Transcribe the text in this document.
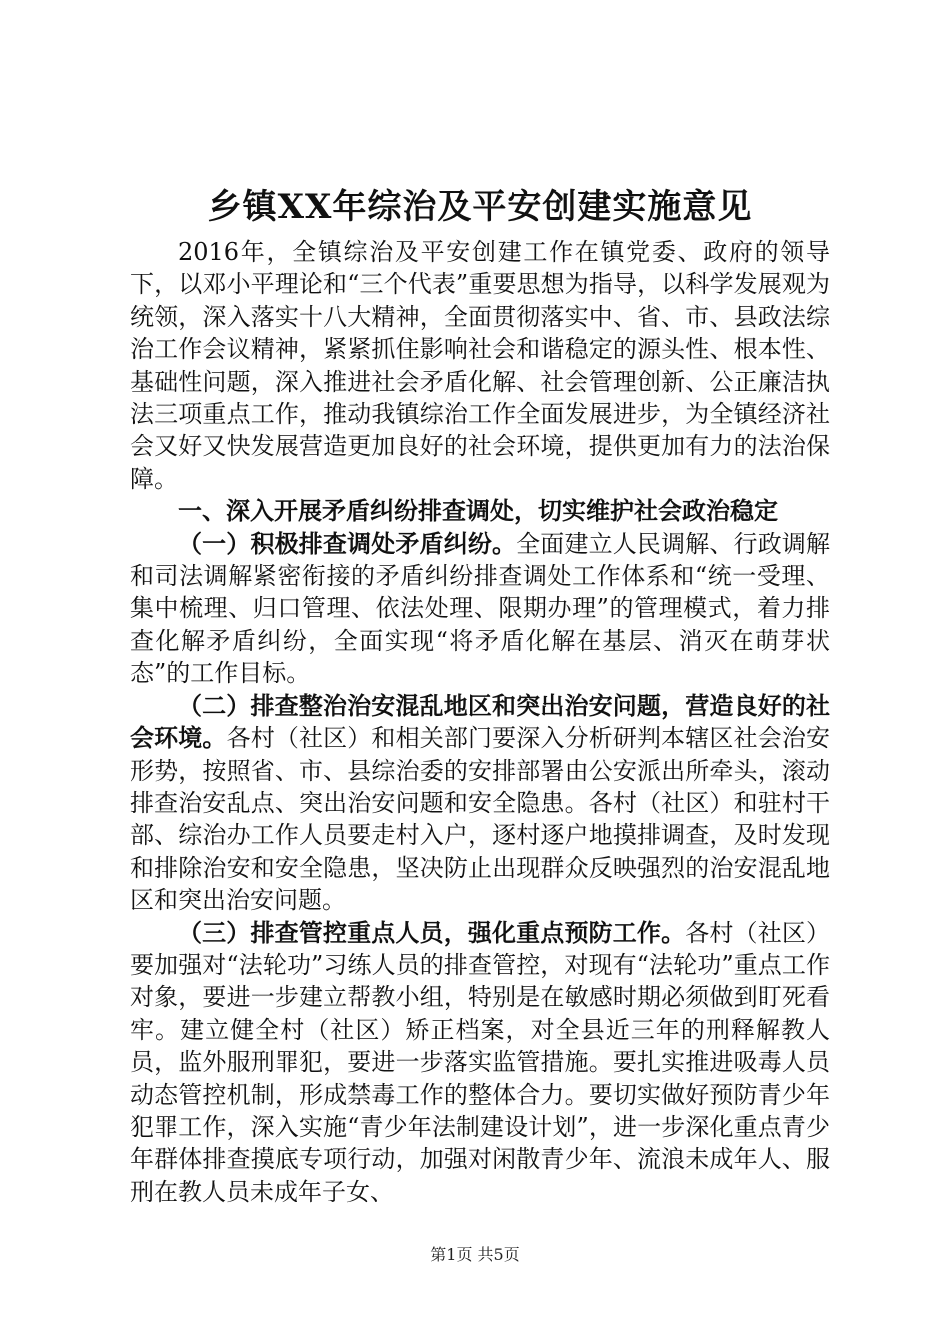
乡镇XX年综治及平安创建实施意见

2016年，全镇综治及平安创建工作在镇党委、政府的领导下，以邓小平理论和“三个代表”重要思想为指导，以科学发展观为统领，深入落实十八大精神，全面贯彻落实中、省、市、县政法综治工作会议精神，紧紧抓住影响社会和谐稳定的源头性、根本性、基础性问题，深入推进社会矛盾化解、社会管理创新、公正廉洁执法三项重点工作，推动我镇综治工作全面发展进步，为全镇经济社会又好又快发展营造更加良好的社会环境，提供更加有力的法治保障。

一、深入开展矛盾纠纷排查调处，切实维护社会政治稳定

（一）积极排查调处矛盾纠纷。全面建立人民调解、行政调解和司法调解紧密衔接的矛盾纠纷排查调处工作体系和“统一受理、集中梳理、归口管理、依法处理、限期办理”的管理模式，着力排查化解矛盾纠纷，全面实现“将矛盾化解在基层、消灭在萌芽状态”的工作目标。

（二）排查整治治安混乱地区和突出治安问题，营造良好的社会环境。各村（社区）和相关部门要深入分析研判本辖区社会治安形势，按照省、市、县综治委的安排部署由公安派出所牵头，滚动排查治安乱点、突出治安问题和安全隐患。各村（社区）和驻村干部、综治办工作人员要走村入户，逐村逐户地摸排调查，及时发现和排除治安和安全隐患，坚决防止出现群众反映强烈的治安混乱地区和突出治安问题。

（三）排查管控重点人员，强化重点预防工作。各村（社区）要加强对“法轮功”习练人员的排查管控，对现有“法轮功”重点工作对象，要进一步建立帮教小组，特别是在敏感时期必须做到盯死看牢。建立健全村（社区）矫正档案，对全县近三年的刑释解教人员，监外服刑罪犯，要进一步落实监管措施。要扎实推进吸毒人员动态管控机制，形成禁毒工作的整体合力。要切实做好预防青少年犯罪工作，深入实施“青少年法制建设计划”，进一步深化重点青少年群体排查摸底专项行动，加强对闲散青少年、流浪未成年人、服刑在教人员未成年子女、

第1页 共5页
